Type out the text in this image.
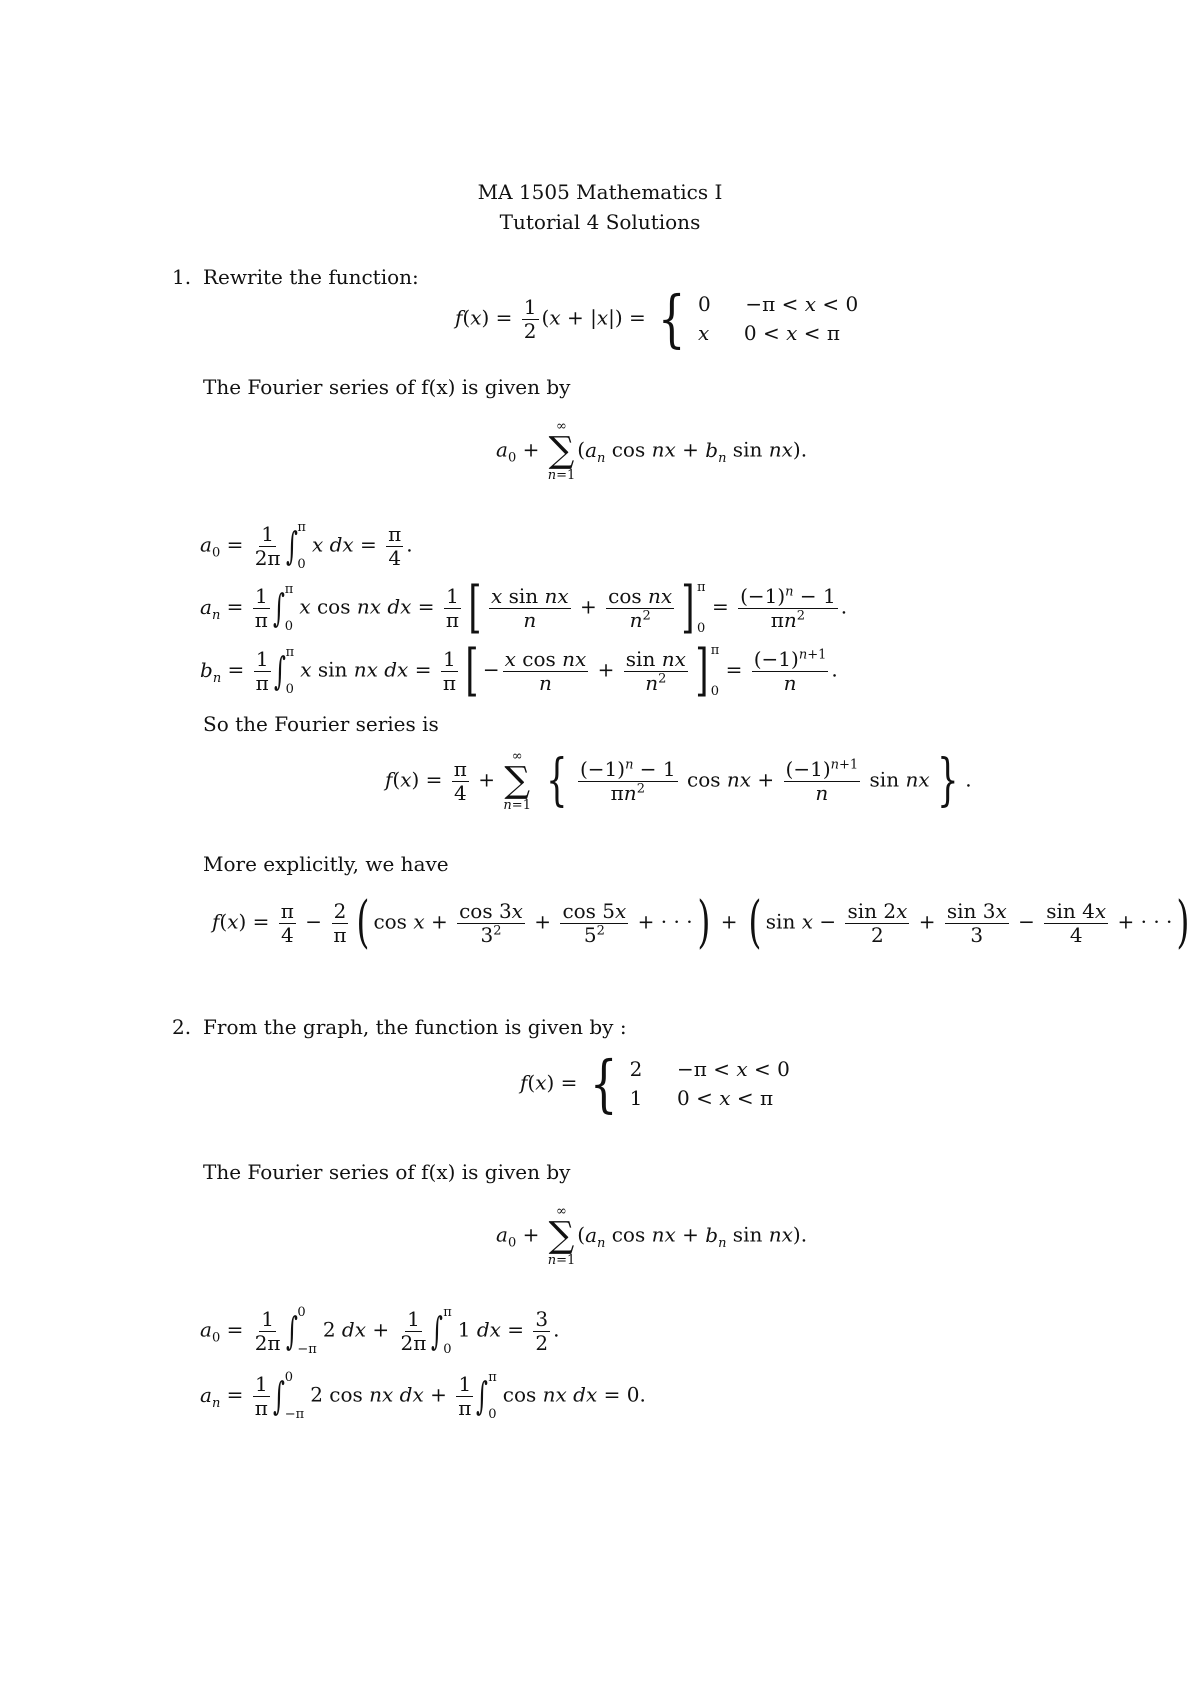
MA 1505 Mathematics I
Tutorial 4 Solutions
1. Rewrite the function:
$f(x) = \frac{1}{2} (x + |x|)$ = { 0  −π < x < 0
x  0 < x < π
The Fourier series of f(x) is given by
$a_0$ +
∞
∑
n=1
($a_n$ cos nx + $b_n$ sin nx).
$a_0 = \frac{1}{2\pi}$ ∫ π
0
x dx = $\frac{\pi}{4}$ .
$a_n = \frac{1}{\pi}$ ∫ π
0
x cos nx dx = $\frac{1}{\pi}$ [ $\frac{\text{x sin nx}}{n} + \frac{\text{cos nx}}{n^2}$ ] π
0
= $\frac{(-1)^n - 1}{\pi n^2}$ .
$b_n = \frac{1}{\pi}$ ∫ π
0
x sin nx dx = $\frac{1}{\pi}$ [ − $\frac{\text{x cos nx}}{n} + \frac{\text{sin nx}}{n^2}$ ] π
0
= $\frac{(-1)^{n+1}}{n}$ .
So the Fourier series is
$f(x) = \frac{\pi}{4}$ +
∞
∑
n=1 { $\frac{(-1)^n - 1}{\pi n^2}$ cos nx + $\frac{(-1)^{n+1}}{n}$ sin nx } .
More explicitly, we have
$f(x) = \frac{\pi}{4} - \frac{2}{\pi}$ ( $\cos x + \frac{\cos 3x}{3^2} + \frac{\cos 5x}{5^2}$ + · · ·) + ( $\sin x - \frac{\sin 2x}{2} + \frac{\sin 3x}{3} - \frac{\sin 4x}{4}$ + · · ·)
2. From the graph, the function is given by :
f(x) = { 2  −π < x < 0
1  0 < x < π
The Fourier series of f(x) is given by
$a_0$ +
∞
∑
n=1
($a_n$ cos nx + $b_n$ sin nx).
$a_0 = \frac{1}{2\pi}$ ∫ 0
−π
2 dx + $\frac{1}{2\pi}$ ∫ π
0
1 dx = $\frac{3}{2}$ .
$a_n = \frac{1}{\pi}$ ∫ 0
−π
2 cos nx dx + $\frac{1}{\pi}$ ∫ π
0
cos nx dx = 0.
